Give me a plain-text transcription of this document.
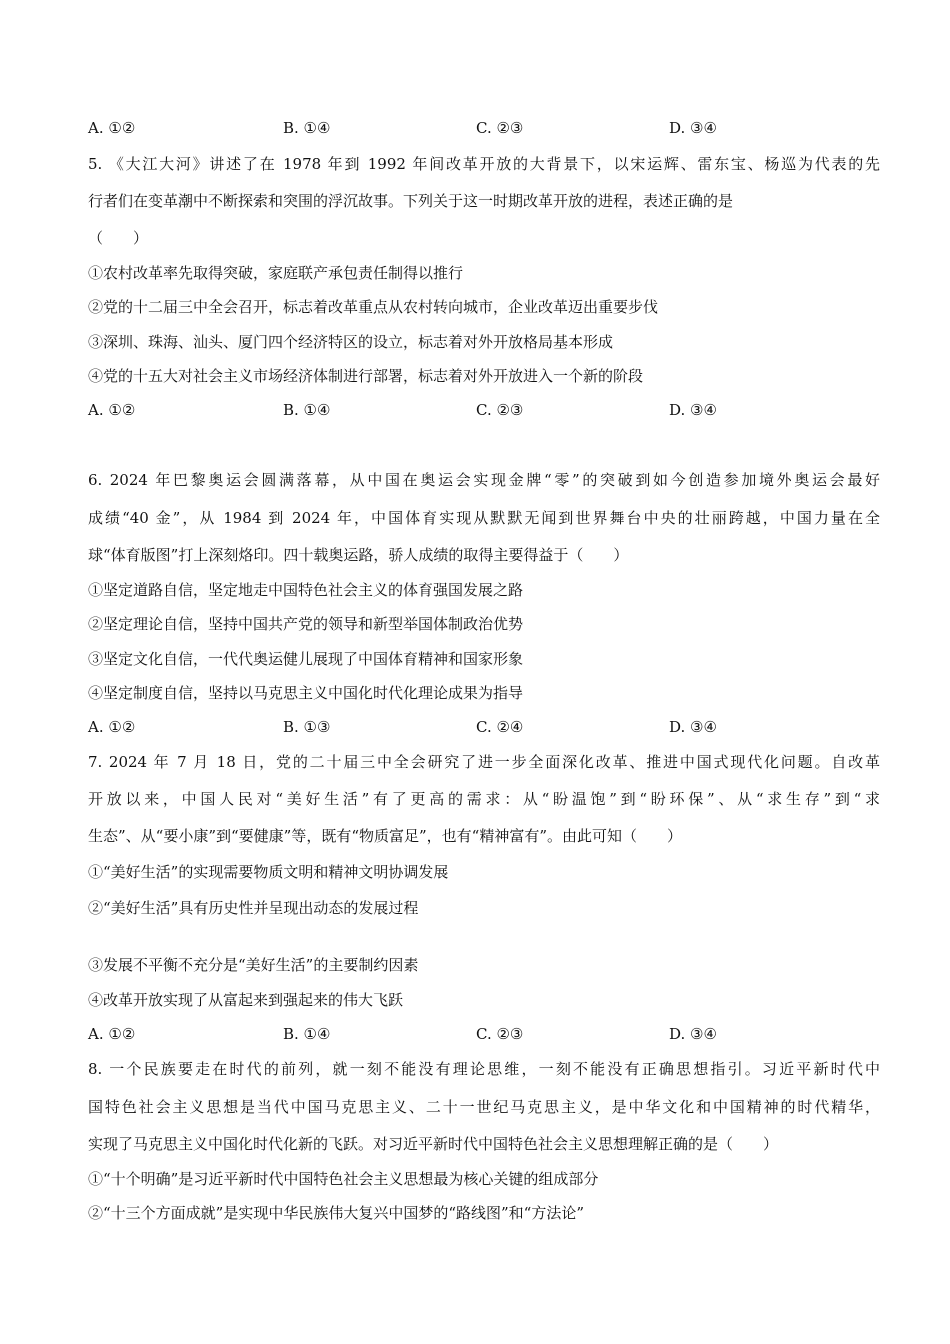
A. ①②	B. ①④	C. ②③	D. ③④
5. 《大江大河》讲述了在 1978 年到 1992 年间改革开放的大背景下，以宋运辉、雷东宝、杨巡为代表的先
行者们在变革潮中不断探索和突围的浮沉故事。下列关于这一时期改革开放的进程，表述正确的是
（　　）
①农村改革率先取得突破，家庭联产承包责任制得以推行
②党的十二届三中全会召开，标志着改革重点从农村转向城市，企业改革迈出重要步伐
③深圳、珠海、汕头、厦门四个经济特区的设立，标志着对外开放格局基本形成
④党的十五大对社会主义市场经济体制进行部署，标志着对外开放进入一个新的阶段
A. ①②	B. ①④	C. ②③	D. ③④
6. 2024 年巴黎奥运会圆满落幕，从中国在奥运会实现金牌“零”的突破到如今创造参加境外奥运会最好
成绩“40 金”，从 1984 到 2024 年，中国体育实现从默默无闻到世界舞台中央的壮丽跨越，中国力量在全
球“体育版图”打上深刻烙印。四十载奥运路，骄人成绩的取得主要得益于（　　）
①坚定道路自信，坚定地走中国特色社会主义的体育强国发展之路
②坚定理论自信，坚持中国共产党的领导和新型举国体制政治优势
③坚定文化自信，一代代奥运健儿展现了中国体育精神和国家形象
④坚定制度自信，坚持以马克思主义中国化时代化理论成果为指导
A. ①②	B. ①③	C. ②④	D. ③④
7. 2024 年 7 月 18 日，党的二十届三中全会研究了进一步全面深化改革、推进中国式现代化问题。自改革
开放以来，中国人民对“美好生活”有了更高的需求：从“盼温饱”到“盼环保”、从“求生存”到“求
生态”、从“要小康”到“要健康”等，既有“物质富足”，也有“精神富有”。由此可知（　　）
①“美好生活”的实现需要物质文明和精神文明协调发展
②“美好生活”具有历史性并呈现出动态的发展过程
③发展不平衡不充分是“美好生活”的主要制约因素
④改革开放实现了从富起来到强起来的伟大飞跃
A. ①②	B. ①④	C. ②③	D. ③④
8. 一个民族要走在时代的前列，就一刻不能没有理论思维，一刻不能没有正确思想指引。习近平新时代中
国特色社会主义思想是当代中国马克思主义、二十一世纪马克思主义，是中华文化和中国精神的时代精华，
实现了马克思主义中国化时代化新的飞跃。对习近平新时代中国特色社会主义思想理解正确的是（　　）
①“十个明确”是习近平新时代中国特色社会主义思想最为核心关键的组成部分
②“十三个方面成就”是实现中华民族伟大复兴中国梦的“路线图”和“方法论”
